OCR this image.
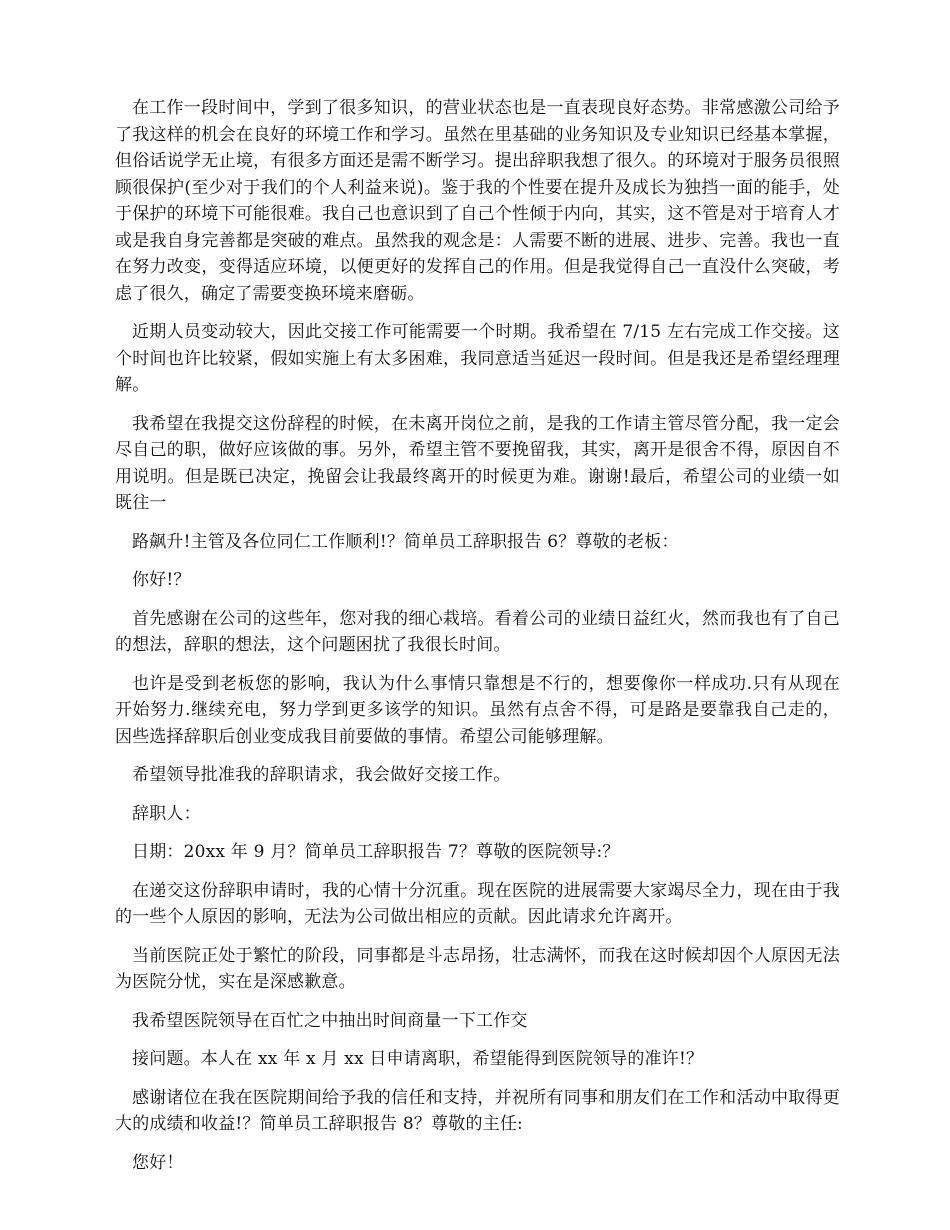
在工作一段时间中，学到了很多知识，的营业状态也是一直表现良好态势。非常感激公司给予了我这样的机会在良好的环境工作和学习。虽然在里基础的业务知识及专业知识已经基本掌握，但俗话说学无止境，有很多方面还是需不断学习。提出辞职我想了很久。的环境对于服务员很照顾很保护(至少对于我们的个人利益来说)。鉴于我的个性要在提升及成长为独挡一面的能手，处于保护的环境下可能很难。我自己也意识到了自己个性倾于内向，其实，这不管是对于培育人才或是我自身完善都是突破的难点。虽然我的观念是：人需要不断的进展、进步、完善。我也一直在努力改变，变得适应环境，以便更好的发挥自己的作用。但是我觉得自己一直没什么突破，考虑了很久，确定了需要变换环境来磨砺。

近期人员变动较大，因此交接工作可能需要一个时期。我希望在 7/15 左右完成工作交接。这个时间也许比较紧，假如实施上有太多困难，我同意适当延迟一段时间。但是我还是希望经理理解。

我希望在我提交这份辞程的时候，在未离开岗位之前，是我的工作请主管尽管分配，我一定会尽自己的职，做好应该做的事。另外，希望主管不要挽留我，其实，离开是很舍不得，原因自不用说明。但是既已决定，挽留会让我最终离开的时候更为难。谢谢!最后，希望公司的业绩一如既往一

路飙升!主管及各位同仁工作顺利!？简单员工辞职报告 6？尊敬的老板：

你好!？

首先感谢在公司的这些年，您对我的细心栽培。看着公司的业绩日益红火，然而我也有了自己的想法，辞职的想法，这个问题困扰了我很长时间。

也许是受到老板您的影响，我认为什么事情只靠想是不行的，想要像你一样成功.只有从现在开始努力.继续充电，努力学到更多该学的知识。虽然有点舍不得，可是路是要靠我自己走的，因些选择辞职后创业变成我目前要做的事情。希望公司能够理解。

希望领导批准我的辞职请求，我会做好交接工作。

辞职人：

日期：20xx 年 9 月？简单员工辞职报告 7？尊敬的医院领导:？

在递交这份辞职申请时，我的心情十分沉重。现在医院的进展需要大家竭尽全力，现在由于我的一些个人原因的影响，无法为公司做出相应的贡献。因此请求允许离开。

当前医院正处于繁忙的阶段，同事都是斗志昂扬，壮志满怀，而我在这时候却因个人原因无法为医院分忧，实在是深感歉意。

我希望医院领导在百忙之中抽出时间商量一下工作交

接问题。本人在 xx 年 x 月 xx 日申请离职，希望能得到医院领导的准许!？

感谢诸位在我在医院期间给予我的信任和支持，并祝所有同事和朋友们在工作和活动中取得更大的成绩和收益!？简单员工辞职报告 8？尊敬的主任:

您好！
